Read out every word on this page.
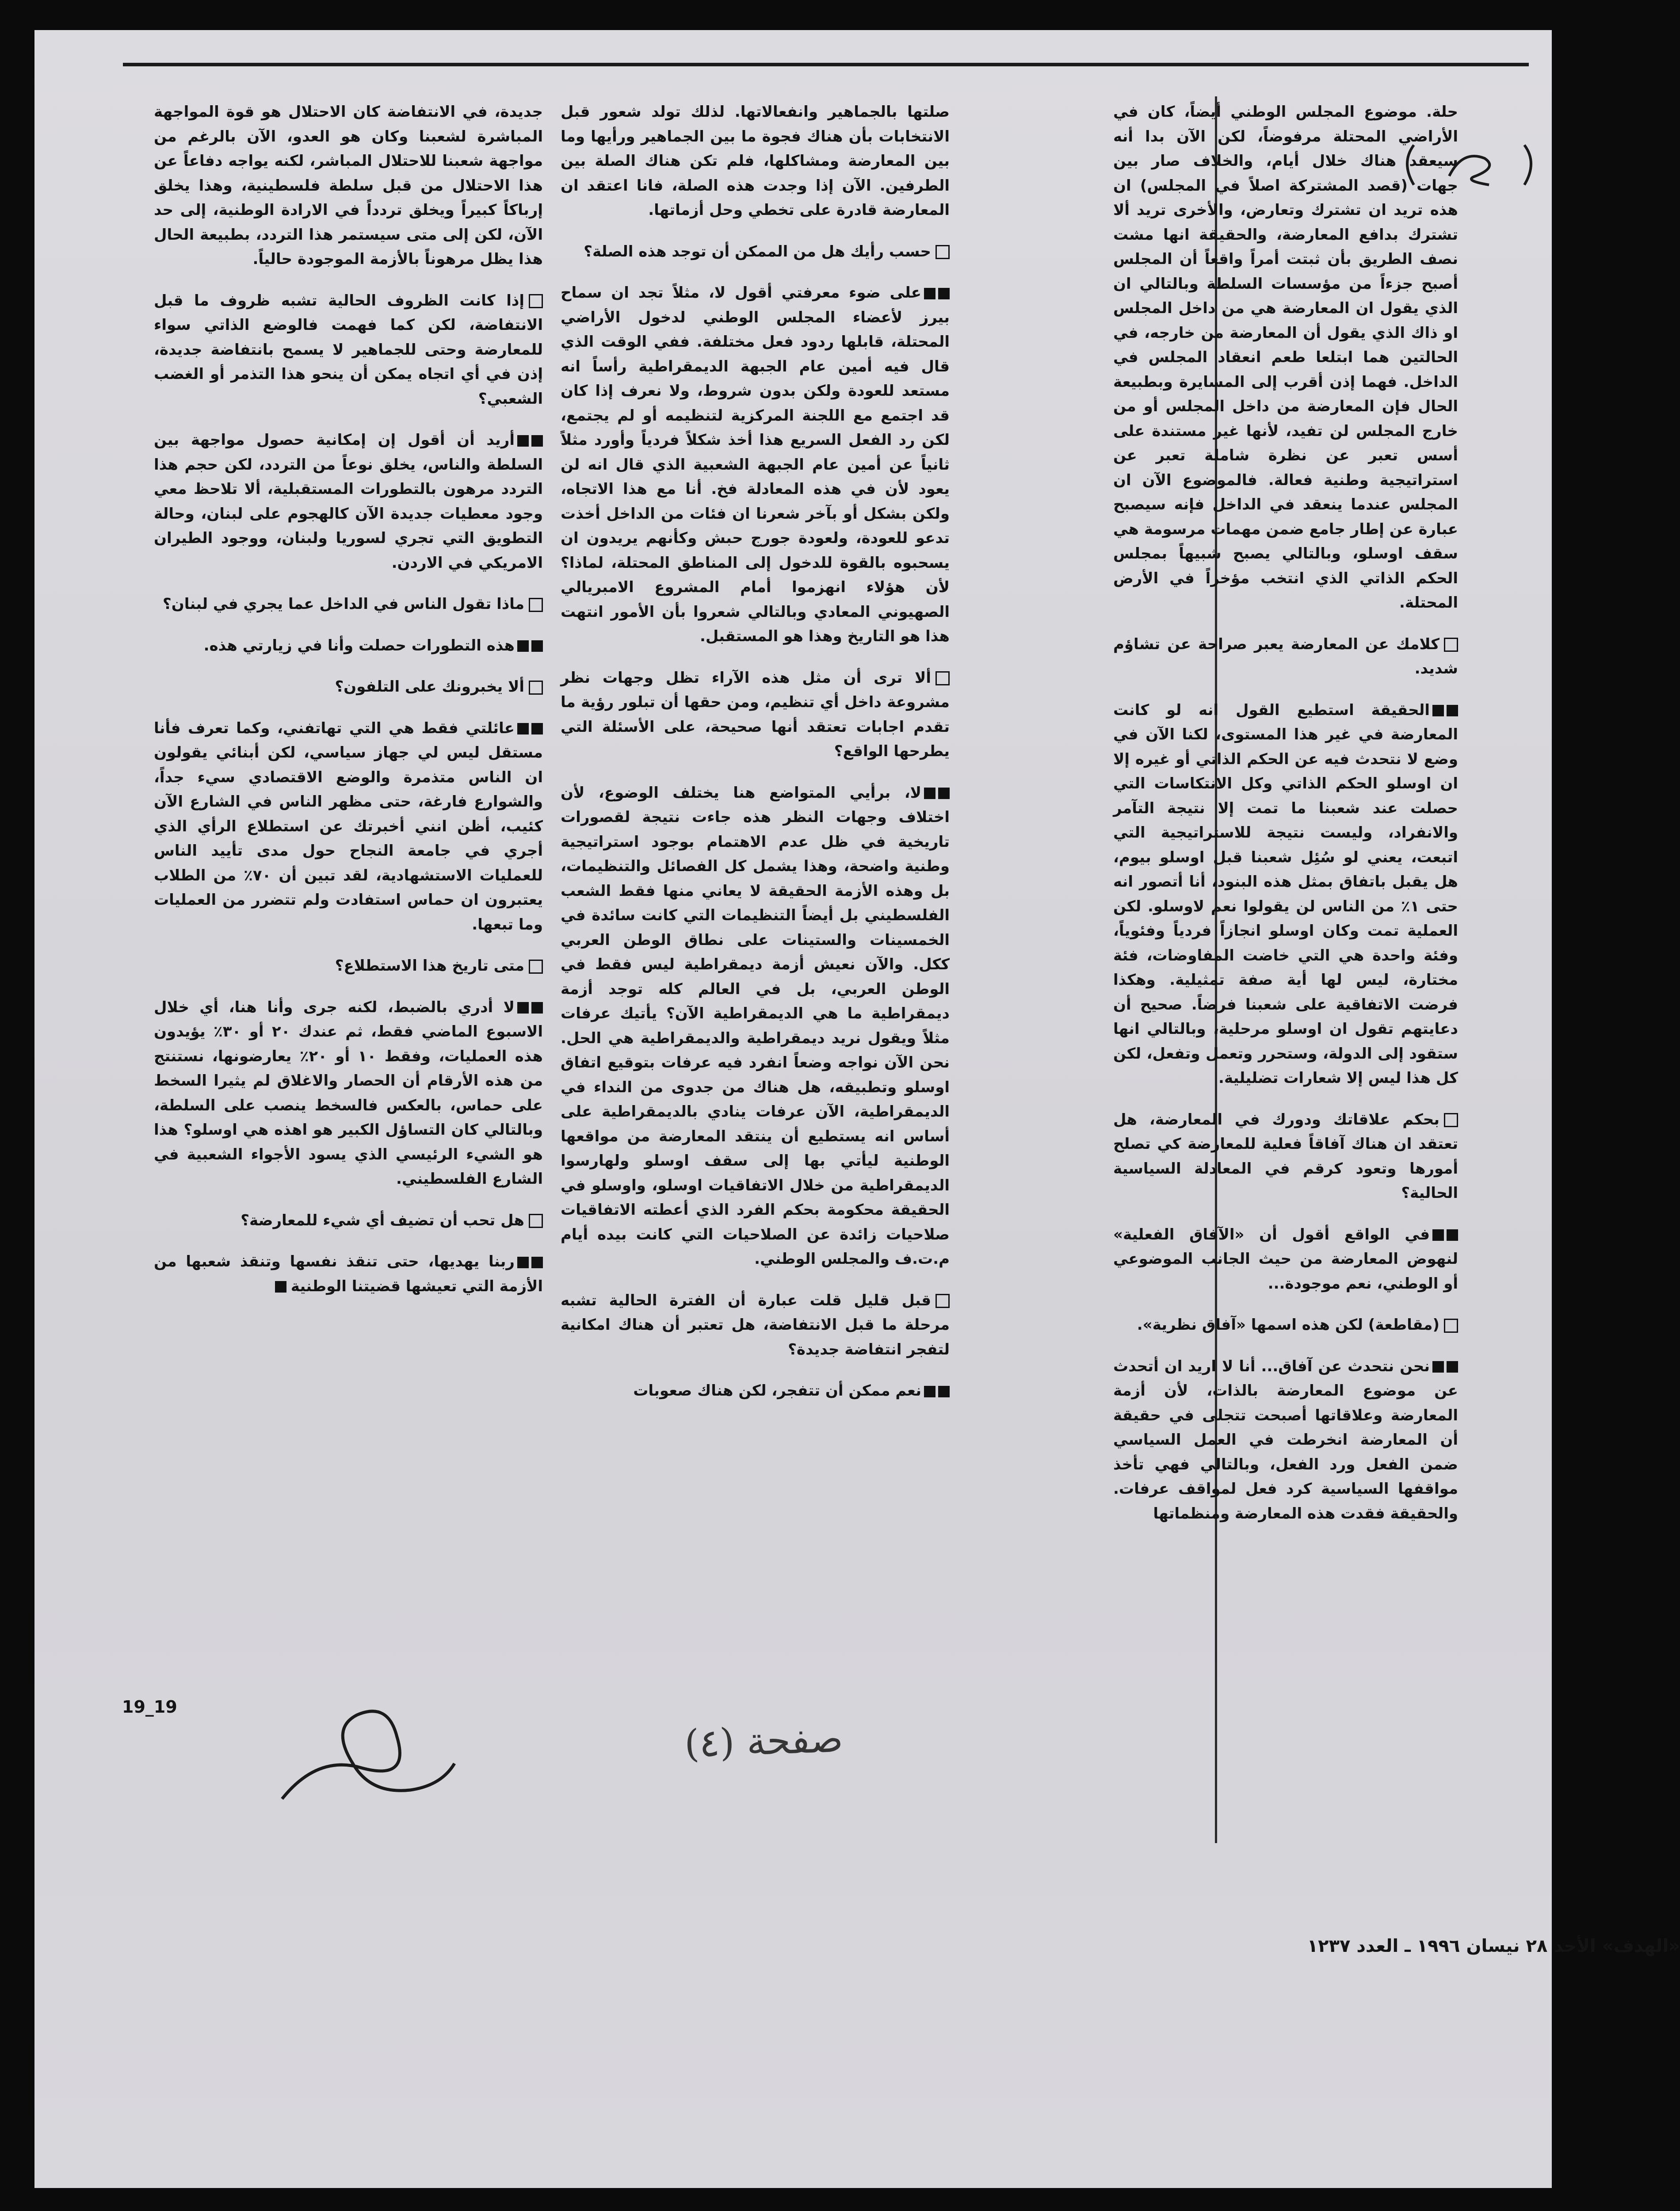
(٤)

حلة. موضوع المجلس الوطني أيضاً، كان في الأراضي المحتلة مرفوضاً، لكن الآن بدا أنه سيعقد هناك خلال أيام، والخلاف صار بين جهات (قصد المشتركة اصلاً في المجلس) ان هذه تريد ان تشترك وتعارض، والأخرى تريد ألا تشترك بدافع المعارضة، والحقيقة انها مشت نصف الطريق بأن ثبتت أمراً واقعاً أن المجلس أصبح جزءاً من مؤسسات السلطة وبالتالي ان الذي يقول ان المعارضة هي من داخل المجلس او ذاك الذي يقول أن المعارضة من خارجه، في الحالتين هما ابتلعا طعم انعقاد المجلس في الداخل. فهما إذن أقرب إلى المسايرة وبطبيعة الحال فإن المعارضة من داخل المجلس أو من خارج المجلس لن تفيد، لأنها غير مستندة على أسس تعبر عن نظرة شاملة تعبر عن استراتيجية وطنية فعالة. فالموضوع الآن ان المجلس عندما ينعقد في الداخل فإنه سيصبح عبارة عن إطار جامع ضمن مهمات مرسومة هي سقف اوسلو، وبالتالي يصبح شبيهاً بمجلس الحكم الذاتي الذي انتخب مؤخراً في الأرض المحتلة.

كلامك عن المعارضة يعبر صراحة عن تشاؤم شديد.

الحقيقة استطيع القول انه لو كانت المعارضة في غير هذا المستوى، لكنا الآن في وضع لا نتحدث فيه عن الحكم الذاتي أو غيره إلا ان اوسلو الحكم الذاتي وكل الانتكاسات التي حصلت عند شعبنا ما تمت إلا نتيجة التآمر والانفراد، وليست نتيجة للاستراتيجية التي اتبعت، يعني لو سُئِل شعبنا قبل اوسلو بيوم، هل يقبل باتفاق بمثل هذه البنود، أنا أتصور انه حتى ١٪ من الناس لن يقولوا نعم لاوسلو. لكن العملية تمت وكان اوسلو انجازاً فردياً وفئوياً، وفئة واحدة هي التي خاضت المفاوضات، فئة مختارة، ليس لها أية صفة تمثيلية. وهكذا فرضت الاتفاقية على شعبنا فرضاً. صحيح أن دعايتهم تقول ان اوسلو مرحلية، وبالتالي انها ستقود إلى الدولة، وستحرر وتعمل وتفعل، لكن كل هذا ليس إلا شعارات تضليلية.

بحكم علاقاتك ودورك في المعارضة، هل تعتقد ان هناك آفاقاً فعلية للمعارضة كي تصلح أمورها وتعود كرقم في المعادلة السياسية الحالية؟

في الواقع أقول أن «الآفاق الفعلية» لنهوض المعارضة من حيث الجانب الموضوعي أو الوطني، نعم موجودة...

(مقاطعة) لكن هذه اسمها «آفاق نظرية».

نحن نتحدث عن آفاق... أنا لا اريد ان أتحدث عن موضوع المعارضة بالذات، لأن أزمة المعارضة وعلاقاتها أصبحت تتجلى في حقيقة أن المعارضة انخرطت في العمل السياسي ضمن الفعل ورد الفعل، وبالتالي فهي تأخذ مواقفها السياسية كرد فعل لمواقف عرفات. والحقيقة فقدت هذه المعارضة ومنظماتها

صلتها بالجماهير وانفعالاتها. لذلك تولد شعور قبل الانتخابات بأن هناك فجوة ما بين الجماهير ورأيها وما بين المعارضة ومشاكلها، فلم تكن هناك الصلة بين الطرفين. الآن إذا وجدت هذه الصلة، فانا اعتقد ان المعارضة قادرة على تخطي وحل أزماتها.

حسب رأيك هل من الممكن أن توجد هذه الصلة؟

على ضوء معرفتي أقول لا، مثلاً تجد ان سماح بيرز لأعضاء المجلس الوطني لدخول الأراضي المحتلة، قابلها ردود فعل مختلفة. ففي الوقت الذي قال فيه أمين عام الجبهة الديمقراطية رأساً انه مستعد للعودة ولكن بدون شروط، ولا نعرف إذا كان قد اجتمع مع اللجنة المركزية لتنظيمه أو لم يجتمع، لكن رد الفعل السريع هذا أخذ شكلاً فردياً وأورد مثلاً ثانياً عن أمين عام الجبهة الشعبية الذي قال انه لن يعود لأن في هذه المعادلة فخ. أنا مع هذا الاتجاه، ولكن بشكل أو بآخر شعرنا ان فئات من الداخل أخذت تدعو للعودة، ولعودة جورج حبش وكأنهم يريدون ان يسحبوه بالقوة للدخول إلى المناطق المحتلة، لماذا؟ لأن هؤلاء انهزموا أمام المشروع الامبريالي الصهيوني المعادي وبالتالي شعروا بأن الأمور انتهت هذا هو التاريخ وهذا هو المستقبل.

ألا ترى أن مثل هذه الآراء تظل وجهات نظر مشروعة داخل أي تنظيم، ومن حقها أن تبلور رؤية ما تقدم اجابات تعتقد أنها صحيحة، على الأسئلة التي يطرحها الواقع؟

لا، برأيي المتواضع هنا يختلف الوضوع، لأن اختلاف وجهات النظر هذه جاءت نتيجة لقصورات تاريخية في ظل عدم الاهتمام بوجود استراتيجية وطنية واضحة، وهذا يشمل كل الفصائل والتنظيمات، بل وهذه الأزمة الحقيقة لا يعاني منها فقط الشعب الفلسطيني بل أيضاً التنظيمات التي كانت سائدة في الخمسينات والستينات على نطاق الوطن العربي ككل. والآن نعيش أزمة ديمقراطية ليس فقط في الوطن العربي، بل في العالم كله توجد أزمة ديمقراطية ما هي الديمقراطية الآن؟ يأتيك عرفات مثلاً ويقول نريد ديمقراطية والديمقراطية هي الحل. نحن الآن نواجه وضعاً انفرد فيه عرفات بتوقيع اتفاق اوسلو وتطبيقه، هل هناك من جدوى من النداء في الديمقراطية، الآن عرفات ينادي بالديمقراطية على أساس انه يستطيع أن ينتقد المعارضة من مواقعها الوطنية ليأتي بها إلى سقف اوسلو ولهارسوا الديمقراطية من خلال الاتفاقيات اوسلو، واوسلو في الحقيقة محكومة بحكم الفرد الذي أعطته الاتفاقيات صلاحيات زائدة عن الصلاحيات التي كانت بيده أيام م.ت.ف والمجلس الوطني.

قبل قليل قلت عبارة أن الفترة الحالية تشبه مرحلة ما قبل الانتفاضة، هل تعتبر أن هناك امكانية لتفجر انتفاضة جديدة؟

نعم ممكن أن تتفجر، لكن هناك صعوبات

جديدة، في الانتفاضة كان الاحتلال هو قوة المواجهة المباشرة لشعبنا وكان هو العدو، الآن بالرغم من مواجهة شعبنا للاحتلال المباشر، لكنه يواجه دفاعاً عن هذا الاحتلال من قبل سلطة فلسطينية، وهذا يخلق إرباكاً كبيراً ويخلق تردداً في الارادة الوطنية، إلى حد الآن، لكن إلى متى سيستمر هذا التردد، بطبيعة الحال هذا يظل مرهوناً بالأزمة الموجودة حالياً.

إذا كانت الظروف الحالية تشبه ظروف ما قبل الانتفاضة، لكن كما فهمت فالوضع الذاتي سواء للمعارضة وحتى للجماهير لا يسمح بانتفاضة جديدة، إذن في أي اتجاه يمكن أن ينحو هذا التذمر أو الغضب الشعبي؟

أريد أن أقول إن إمكانية حصول مواجهة بين السلطة والناس، يخلق نوعاً من التردد، لكن حجم هذا التردد مرهون بالتطورات المستقبلية، ألا تلاحظ معي وجود معطيات جديدة الآن كالهجوم على لبنان، وحالة التطويق التي تجري لسوريا ولبنان، ووجود الطيران الامريكي في الاردن.

ماذا تقول الناس في الداخل عما يجري في لبنان؟

هذه التطورات حصلت وأنا في زيارتي هذه.

ألا يخبرونك على التلفون؟

عائلتي فقط هي التي تهاتفني، وكما تعرف فأنا مستقل ليس لي جهاز سياسي، لكن أبنائي يقولون ان الناس متذمرة والوضع الاقتصادي سيء جداً، والشوارع فارغة، حتى مظهر الناس في الشارع الآن كئيب، أظن انني أخبرتك عن استطلاع الرأي الذي أجري في جامعة النجاح حول مدى تأييد الناس للعمليات الاستشهادية، لقد تبين أن ٧٠٪ من الطلاب يعتبرون ان حماس استفادت ولم تتضرر من العمليات وما تبعها.

متى تاريخ هذا الاستطلاع؟

لا أدري بالضبط، لكنه جرى وأنا هنا، أي خلال الاسبوع الماضي فقط، ثم عندك ٢٠ أو ٣٠٪ يؤيدون هذه العمليات، وفقط ١٠ أو ٢٠٪ يعارضونها، نستنتج من هذه الأرقام أن الحصار والاغلاق لم يثيرا السخط على حماس، بالعكس فالسخط ينصب على السلطة، وبالتالي كان التساؤل الكبير هو اهذه هي اوسلو؟ هذا هو الشيء الرئيسي الذي يسود الأجواء الشعبية في الشارع الفلسطيني.

هل تحب أن تضيف أي شيء للمعارضة؟

ربنا يهديها، حتى تنقذ نفسها وتنقذ شعبها من الأزمة التي تعيشها قضيتنا الوطنية

«الهدف» الأحد ٢٨ نيسان ١٩٩٦ ـ العدد ١٢٣٧
19_19
صفحة (٤)
